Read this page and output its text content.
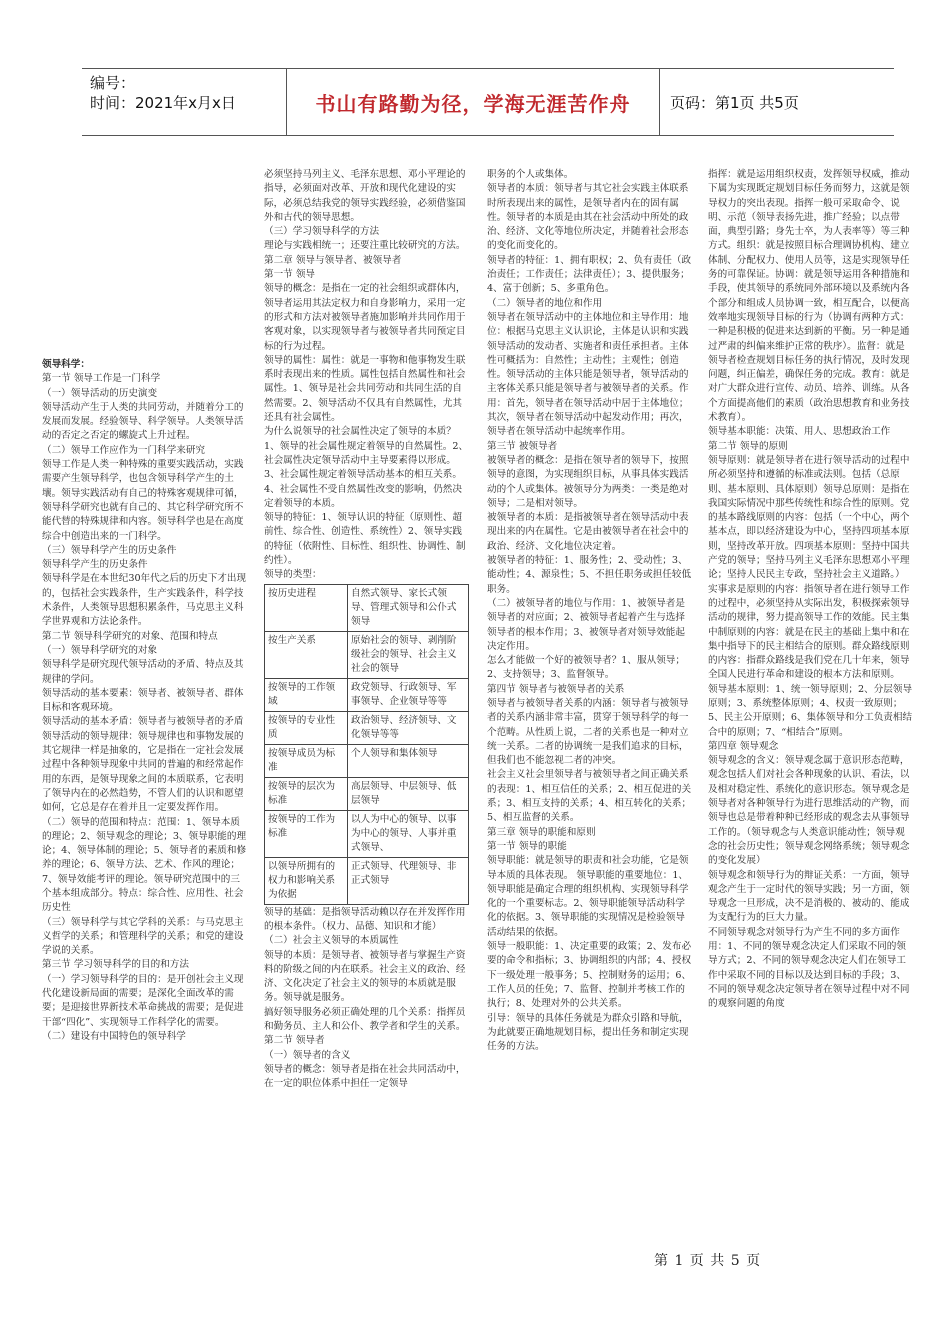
编号：
时间：2021年x月x日	书山有路勤为径，学海无涯苦作舟	页码：第1页 共5页

领导科学：

第一节 领导工作是一门科学

（一）领导活动的历史演变

领导活动产生于人类的共同劳动，并随着分工的发展而发展。经验领导、科学领导。人类领导活动的否定之否定的螺旋式上升过程。

（二）领导工作应作为一门科学来研究

领导工作是人类一种特殊的重要实践活动，实践需要产生领导科学，也包含领导科学产生的土壤。领导实践活动有自己的特殊客观规律可循，领导科学研究也就有自己的、其它科学研究所不能代替的特殊规律和内容。领导科学也是在高度综合中创造出来的一门科学。

（三）领导科学产生的历史条件

领导科学产生的历史条件

领导科学是在本世纪30年代之后的历史下才出现的，包括社会实践条件，生产实践条件，科学技术条件，人类领导思想积累条件，马克思主义科学世界观和方法论条件。

第二节 领导科学研究的对象、范围和特点

（一）领导科学研究的对象

领导科学是研究现代领导活动的矛盾、特点及其规律的学问。

领导活动的基本要素：领导者、被领导者、群体目标和客观环境。

领导活动的基本矛盾：领导者与被领导者的矛盾

领导活动的领导规律：领导规律也和事物发展的其它规律一样是抽象的，它是指在一定社会发展过程中各种领导现象中共同的普遍的和经常起作用的东西，是领导现象之间的本质联系，它表明了领导内在的必然趋势，不管人们的认识和愿望如何，它总是存在着并且一定要发挥作用。

（二）领导的范围和特点：范围：1、领导本质的理论；2、领导观念的理论；3、领导职能的理论；4、领导体制的理论；5、领导者的素质和修养的理论；6、领导方法、艺术、作风的理论；7、领导效能考评的理论。领导研究范围中的三个基本组成部分。特点：综合性、应用性、社会历史性

（三）领导科学与其它学科的关系：与马克思主义哲学的关系；和管理科学的关系；和党的建设学说的关系。

第三节 学习领导科学的目的和方法

（一）学习领导科学的目的：是开创社会主义现代化建设新局面的需要；是深化全面改革的需要；是迎接世界新技术革命挑战的需要；是促进干部“四化”、实现领导工作科学化的需要。

（二）建设有中国特色的领导科学

必须坚持马列主义、毛泽东思想、邓小平理论的指导，必须面对改革、开放和现代化建设的实际，必须总结我党的领导实践经验，必须借鉴国外和古代的领导思想。

（三）学习领导科学的方法

理论与实践相统一；还要注重比较研究的方法。

第二章 领导与领导者、被领导者

第一节 领导

领导的概念：是指在一定的社会组织或群体内，领导者运用其法定权力和自身影响力，采用一定的形式和方法对被领导者施加影响并共同作用于客观对象，以实现领导者与被领导者共同预定目标的行为过程。

领导的属性：属性：就是一事物和他事物发生联系时表现出来的性质。属性包括自然属性和社会属性。1、领导是社会共同劳动和共同生活的自然需要。2、领导活动不仅具有自然属性，尤其还具有社会属性。

为什么说领导的社会属性决定了领导的本质？1、领导的社会属性规定着领导的自然属性。2、社会属性决定领导活动中主导要素得以形成。3、社会属性规定着领导活动基本的相互关系。4、社会属性不受自然属性改变的影响，仍然决定着领导的本质。

领导的特征：1、领导认识的特征（原则性、超前性、综合性、创造性、系统性）2、领导实践的特征（依附性、目标性、组织性、协调性、制约性）。

领导的类型：

按历史进程	自然式领导、家长式领导、管理式领导和公仆式领导
按生产关系	原始社会的领导、剥削阶级社会的领导、社会主义社会的领导
按领导的工作领域	政党领导、行政领导、军事领导、企业领导等等
按领导的专业性质	政治领导、经济领导、文化领导等等
按领导成员为标准	个人领导和集体领导
按领导的层次为标准	高层领导、中层领导、低层领导
按领导的工作为标准	以人为中心的领导、以事为中心的领导、人事并重式领导、
以领导所拥有的权力和影响关系为依据	正式领导、代理领导、非正式领导

领导的基础：是指领导活动赖以存在并发挥作用的根本条件。（权力、品德、知识和才能）

（二）社会主义领导的本质属性

领导的本质：是领导者、被领导者与掌握生产资料的阶级之间的内在联系。社会主义的政治、经济、文化决定了社会主义的领导的本质就是服务。领导就是服务。

搞好领导服务必须正确处理的几个关系：指挥员和勤务员、主人和公仆、教学者和学生的关系。

第二节 领导者

（一）领导者的含义

领导者的概念：领导者是指在社会共同活动中，在一定的职位体系中担任一定领导

职务的个人或集体。

领导者的本质：领导者与其它社会实践主体联系时所表现出来的属性，是领导者内在的固有属性。领导者的本质是由其在社会活动中所处的政治、经济、文化等地位所决定，并随着社会形态的变化而变化的。

领导者的特征：1、拥有职权；2、负有责任（政治责任；工作责任；法律责任）；3、提供服务；4、富于创新；5、多重角色。

（二）领导者的地位和作用

领导者在领导活动中的主体地位和主导作用：地位：根据马克思主义认识论，主体是认识和实践领导活动的发动者、实施者和责任承担者。主体性可概括为：自然性；主动性；主观性；创造性。领导活动的主体只能是领导者，领导活动的主客体关系只能是领导者与被领导者的关系。作用：首先，领导者在领导活动中居于主体地位；其次，领导者在领导活动中起发动作用；再次，领导者在领导活动中起统率作用。

第三节 被领导者

被领导者的概念：是指在领导者的领导下，按照领导的意图，为实现组织目标，从事具体实践活动的个人或集体。被领导分为两类：一类是绝对领导；二是相对领导。

被领导者的本质：是指被领导者在领导活动中表现出来的内在属性。它是由被领导者在社会中的政治、经济、文化地位决定着。

被领导者的特征：1、服务性；2、受动性；3、能动性；4、源泉性；5、不担任职务或担任较低职务。

（二）被领导者的地位与作用：1、被领导者是领导者的对应面；2、被领导者起着产生与选择领导者的根本作用；3、被领导者对领导效能起决定作用。

怎么才能做一个好的被领导者？1、服从领导；2、支持领导；3、监督领导。

第四节 领导者与被领导者的关系

领导者与被领导者关系的内涵：领导者与被领导者的关系内涵非常丰富，贯穿于领导科学的每一个范畴。从性质上说，二者的关系也是一种对立统一关系。二者的协调统一是我们追求的目标， 但我们也不能忽视二者的冲突。

社会主义社会里领导者与被领导者之间正确关系的表现：1、相互信任的关系；2、相互促进的关系；3、相互支持的关系；4、相互转化的关系；5、相互监督的关系。

第三章 领导的职能和原则

第一节 领导的职能

领导职能：就是领导的职责和社会功能，它是领导本质的具体表现。 领导职能的重要地位：1、领导职能是确定合理的组织机构、实现领导科学化的一个重要标志。2、领导职能领导活动科学化的依据。3、领导职能的实现情况是检验领导活动结果的依据。

领导一般职能：1、决定重要的政策；2、发布必要的命令和指标；3、协调组织的内部；4、授权下一级处理一般事务；5、控制财务的运用；6、工作人员的任免；7、监督、控制并考核工作的执行；8、处理对外的公共关系。

引导：领导的具体任务就是为群众引路和导航，为此就要正确地规划目标，提出任务和制定实现任务的方法。

指挥：就是运用组织权责，发挥领导权威，推动下属为实现既定规划目标任务而努力，这就是领导权力的突出表现。指挥一般可采取命令、说明、示范（领导表扬先进，推广经验；以点带面，典型引路；身先士卒，为人表率等）等三种方式。组织：就是按照目标合理调协机构、建立体制、分配权力、使用人员等，这是实现领导任务的可靠保证。协调：就是领导运用各种措施和手段，使其领导的系统同外部环境以及系统内各个部分和组成人员协调一致，相互配合，以便高效率地实现领导目标的行为（协调有两种方式：一种是积极的促进来达到新的平衡。另一种是通过严肃的纠偏来维护正常的秩序）。监督：就是领导者检查规划目标任务的执行情况，及时发现问题，纠正偏差，确保任务的完成。教育：就是对广大群众进行宣传、动员、培养、训练。从各个方面提高他们的素质（政治思想教育和业务技术教育）。

领导基本职能：决策、用人、思想政治工作

第二节 领导的原则

领导原则：就是领导者在进行领导活动的过程中所必须坚持和遵循的标准或法则。包括（总原则、基本原则、具体原则）领导总原则：是指在我国实际情况中那些传统性和综合性的原则。党的基本路线原则的内容：包括（一个中心，两个基本点，即以经济建设为中心，坚持四项基本原则，坚持改革开放。四项基本原则：坚持中国共产党的领导；坚持马列主义毛泽东思想邓小平理论；坚持人民民主专政，坚持社会主义道路。）实事求是原则的内容：指领导者在进行领导工作的过程中，必须坚持从实际出发，积极探索领导活动的规律，努力提高领导工作的效能。民主集中制原则的内容：就是在民主的基础上集中和在集中指导下的民主相结合的原则。群众路线原则的内容：指群众路线是我们党在几十年来，领导全国人民进行革命和建设的根本方法和原则。

领导基本原则：1、统一领导原则；2、分层领导原则；3、系统整体原则；4、权责一致原则；5、民主公开原则；6、集体领导和分工负责相结合中的原则；7、“相结合”原则。

第四章 领导观念

领导观念的含义：领导观念属于意识形态范畴，观念包括人们对社会各种现象的认识、看法，以及相对稳定性、系统化的意识形态。领导观念是领导者对各种领导行为进行思维活动的产物，而领导也总是带着种种已经形成的观念去从事领导工作的。（领导观念与人类意识能动性；领导观念的社会历史性；领导观念网络系统；领导观念的变化发展）

领导观念和领导行为的辩证关系：一方面，领导观念产生于一定时代的领导实践；另一方面，领导观念一旦形成，决不是消极的、被动的、能成为支配行为的巨大力量。

不同领导观念对领导行为产生不同的多方面作用：1、不同的领导观念决定人们采取不同的领导方式；2、不同的领导观念决定人们在领导工作中采取不同的目标以及达到目标的手段；3、不同的领导观念决定领导者在领导过程中对不同的观察问题的角度

第 1 页 共 5 页
